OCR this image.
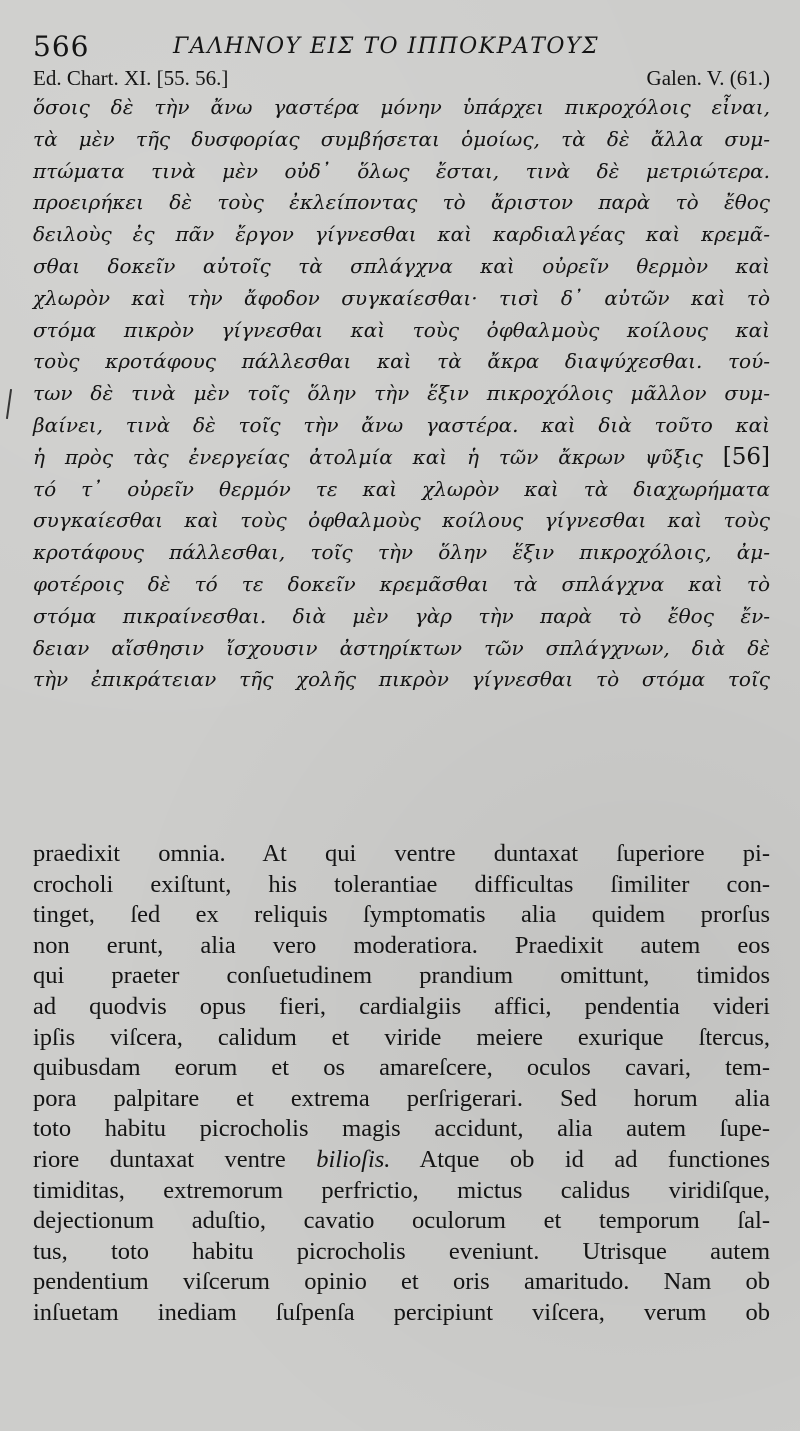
566	ΓΑΛΗΝΟΥ ΕΙΣ ΤΟ ΙΠΠΟΚΡΑΤΟΥΣ
Ed. Chart. XI. [55. 56.]	Galen. V. (61.)
ὅσοις δὲ τὴν ἄνω γαστέρα μόνην ὑπάρχει πικροχόλοις εἶναι,
τὰ μὲν τῆς δυσφορίας συμβήσεται ὁμοίως, τὰ δὲ ἄλλα συμ-
πτώματα τινὰ μὲν οὐδ᾽ ὅλως ἔσται, τινὰ δὲ μετριώτερα.
προειρήκει δὲ τοὺς ἐκλείποντας τὸ ἄριστον παρὰ τὸ ἔθος
δειλοὺς ἐς πᾶν ἔργον γίγνεσθαι καὶ καρδιαλγέας καὶ κρεμᾶ-
σθαι δοκεῖν αὐτοῖς τὰ σπλάγχνα καὶ οὐρεῖν θερμὸν καὶ
χλωρὸν καὶ τὴν ἄφοδον συγκαίεσθαι· τισὶ δ᾽ αὐτῶν καὶ τὸ
στόμα πικρὸν γίγνεσθαι καὶ τοὺς ὀφθαλμοὺς κοίλους καὶ
τοὺς κροτάφους πάλλεσθαι καὶ τὰ ἄκρα διαψύχεσθαι. τού-
των δὲ τινὰ μὲν τοῖς ὅλην τὴν ἕξιν πικροχόλοις μᾶλλον συμ-
βαίνει, τινὰ δὲ τοῖς τὴν ἄνω γαστέρα. καὶ διὰ τοῦτο καὶ
ἡ πρὸς τὰς ἐνεργείας ἀτολμία καὶ ἡ τῶν ἄκρων ψῦξις [56]
τό τ᾽ οὐρεῖν θερμόν τε καὶ χλωρὸν καὶ τὰ διαχωρήματα
συγκαίεσθαι καὶ τοὺς ὀφθαλμοὺς κοίλους γίγνεσθαι καὶ τοὺς
κροτάφους πάλλεσθαι, τοῖς τὴν ὅλην ἕξιν πικροχόλοις, ἀμ-
φοτέροις δὲ τό τε δοκεῖν κρεμᾶσθαι τὰ σπλάγχνα καὶ τὸ
στόμα πικραίνεσθαι. διὰ μὲν γὰρ τὴν παρὰ τὸ ἔθος ἔν-
δειαν αἴσθησιν ἴσχουσιν ἀστηρίκτων τῶν σπλάγχνων, διὰ δὲ
τὴν ἐπικράτειαν τῆς χολῆς πικρὸν γίγνεσθαι τὸ στόμα τοῖς
praedixit omnia. At qui ventre duntaxat ſuperiore pi-
crocholi exiſtunt, his tolerantiae difficultas ſimiliter con-
tinget, ſed ex reliquis ſymptomatis alia quidem prorſus
non erunt, alia vero moderatiora. Praedixit autem eos
qui praeter conſuetudinem prandium omittunt, timidos
ad quodvis opus fieri, cardialgiis affici, pendentia videri
ipſis viſcera, calidum et viride meiere exurique ſtercus,
quibusdam eorum et os amareſcere, oculos cavari, tem-
pora palpitare et extrema perſrigerari. Sed horum alia
toto habitu picrocholis magis accidunt, alia autem ſupe-
riore duntaxat ventre bilioſis. Atque ob id ad functiones
timiditas, extremorum perfrictio, mictus calidus viridiſque,
dejectionum aduſtio, cavatio oculorum et temporum ſal-
tus, toto habitu picrocholis eveniunt. Utrisque autem
pendentium viſcerum opinio et oris amaritudo. Nam ob
inſuetam inediam ſuſpenſa percipiunt viſcera, verum ob
